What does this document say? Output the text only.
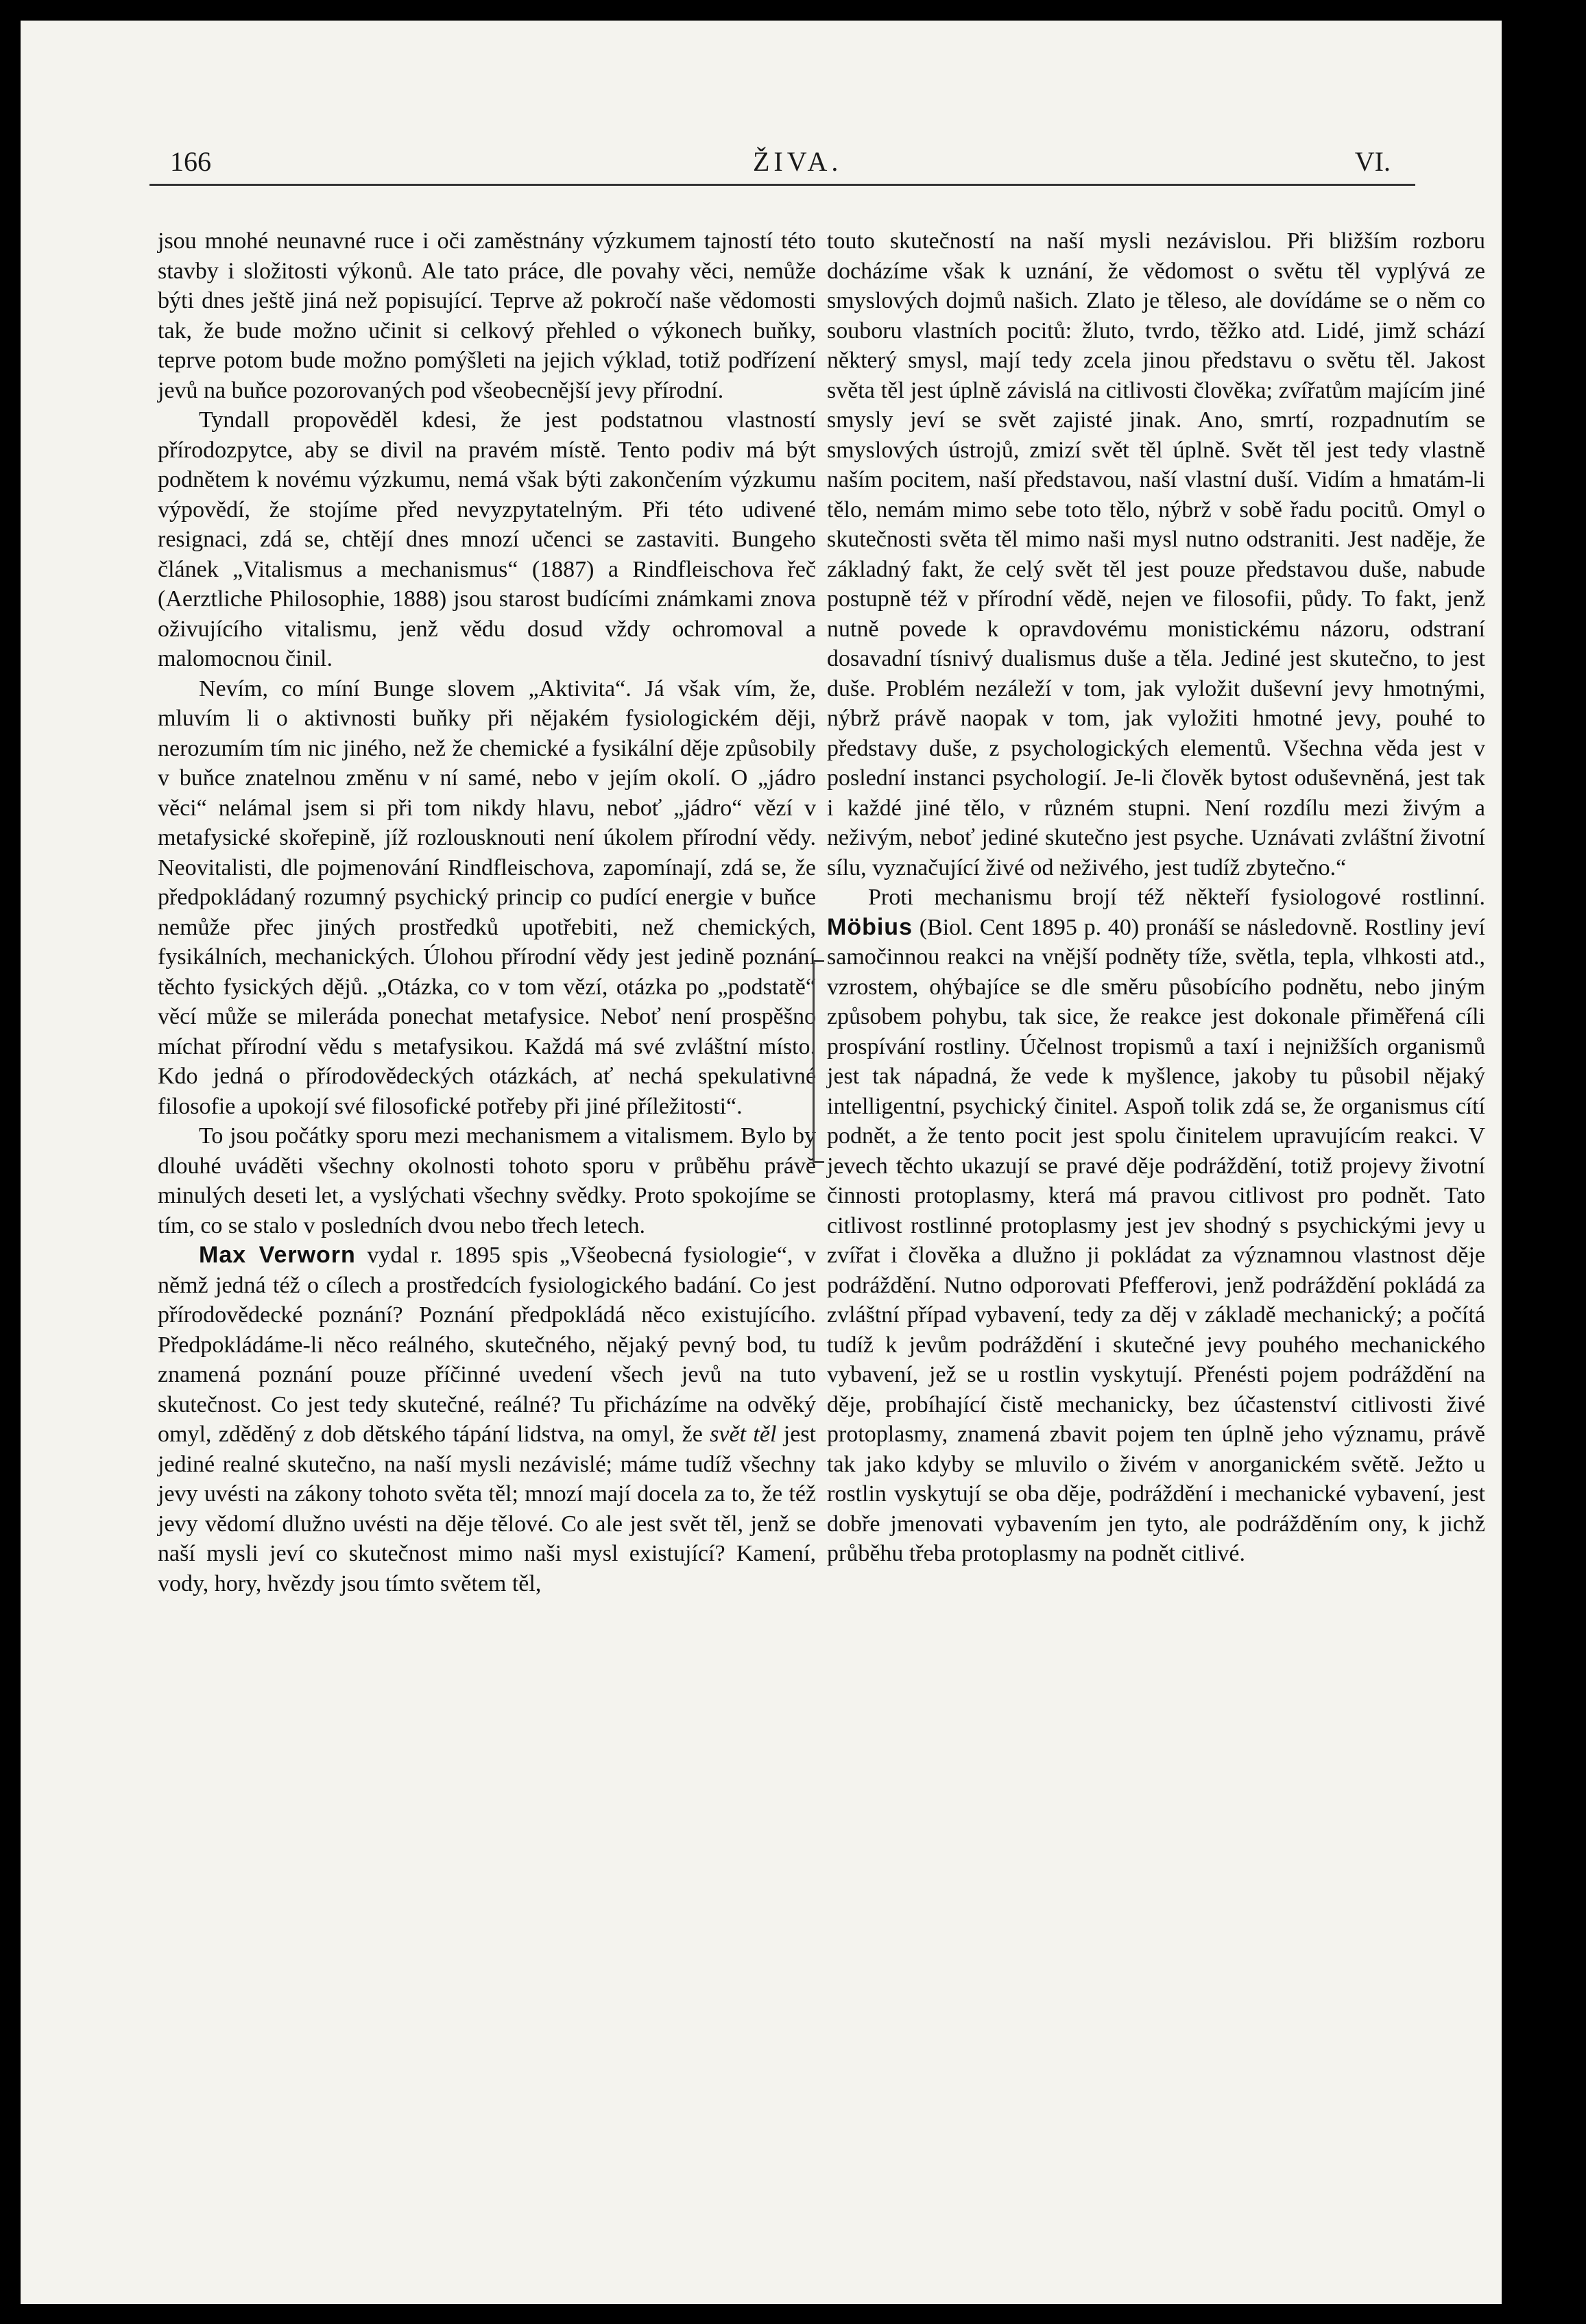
166	ŽIVA.	VI.

jsou mnohé neunavné ruce i oči zaměstnány výzkumem tajností této stavby i složitosti výkonů. Ale tato práce, dle povahy věci, nemůže býti dnes ještě jiná než popisující. Teprve až pokročí naše vědomosti tak, že bude možno učinit si celkový přehled o výkonech buňky, teprve potom bude možno pomýšleti na jejich výklad, totiž podřízení jevů na buňce pozorovaných pod všeobecnější jevy přírodní.

Tyndall propověděl kdesi, že jest podstatnou vlastností přírodozpytce, aby se divil na pravém místě. Tento podiv má být podnětem k novému výzkumu, nemá však býti zakončením výzkumu výpovědí, že stojíme před nevyzpytatelným. Při této udivené resignaci, zdá se, chtějí dnes mnozí učenci se zastaviti. Bungeho článek „Vitalismus a mechanismus“ (1887) a Rindfleischova řeč (Aerztliche Philosophie, 1888) jsou starost budícími známkami znova oživujícího vitalismu, jenž vědu dosud vždy ochromoval a malomocnou činil.

Nevím, co míní Bunge slovem „Aktivita“. Já však vím, že, mluvím li o aktivnosti buňky při nějakém fysiologickém ději, nerozumím tím nic jiného, než že chemické a fysikální děje způsobily v buňce znatelnou změnu v ní samé, nebo v jejím okolí. O „jádro věci“ nelámal jsem si při tom nikdy hlavu, neboť „jádro“ vězí v metafysické skořepině, jíž rozlousknouti není úkolem přírodní vědy. Neovitalisti, dle pojmenování Rindfleischova, zapomínají, zdá se, že předpokládaný rozumný psychický princip co pudící energie v buňce nemůže přec jiných prostředků upotřebiti, než chemických, fysikálních, mechanických. Úlohou přírodní vědy jest jedině poznání těchto fysických dějů. „Otázka, co v tom vězí, otázka po „podstatě“ věcí může se mileráda ponechat metafysice. Neboť není prospěšno míchat přírodní vědu s metafysikou. Každá má své zvláštní místo. Kdo jedná o přírodovědeckých otázkách, ať nechá spekulativné filosofie a upokojí své filosofické potřeby při jiné příležitosti“.

To jsou počátky sporu mezi mechanismem a vitalismem. Bylo by dlouhé uváděti všechny okolnosti tohoto sporu v průběhu právě minulých deseti let, a vyslýchati všechny svědky. Proto spokojíme se tím, co se stalo v posledních dvou nebo třech letech.

Max Verworn vydal r. 1895 spis „Všeobecná fysiologie“, v němž jedná též o cílech a prostředcích fysiologického badání. Co jest přírodovědecké poznání? Poznání předpokládá něco existujícího. Předpokládáme-li něco reálného, skutečného, nějaký pevný bod, tu znamená poznání pouze příčinné uvedení všech jevů na tuto skutečnost. Co jest tedy skutečné, reálné? Tu přicházíme na odvěký omyl, zděděný z dob dětského tápání lidstva, na omyl, že svět těl jest jediné realné skutečno, na naší mysli nezávislé; máme tudíž všechny jevy uvésti na zákony tohoto světa těl; mnozí mají docela za to, že též jevy vědomí dlužno uvésti na děje tělové. Co ale jest svět těl, jenž se naší mysli jeví co skutečnost mimo naši mysl existující? Kamení, vody, hory, hvězdy jsou tímto světem těl,

touto skutečností na naší mysli nezávislou. Při bližším rozboru docházíme však k uznání, že vědomost o světu těl vyplývá ze smyslových dojmů našich. Zlato je těleso, ale dovídáme se o něm co souboru vlastních pocitů: žluto, tvrdo, těžko atd. Lidé, jimž schází některý smysl, mají tedy zcela jinou představu o světu těl. Jakost světa těl jest úplně závislá na citlivosti člověka; zvířatům majícím jiné smysly jeví se svět zajisté jinak. Ano, smrtí, rozpadnutím se smyslových ústrojů, zmizí svět těl úplně. Svět těl jest tedy vlastně naším pocitem, naší představou, naší vlastní duší. Vidím a hmatám-li tělo, nemám mimo sebe toto tělo, nýbrž v sobě řadu pocitů. Omyl o skutečnosti světa těl mimo naši mysl nutno odstraniti. Jest naděje, že základný fakt, že celý svět těl jest pouze představou duše, nabude postupně též v přírodní vědě, nejen ve filosofii, půdy. To fakt, jenž nutně povede k opravdovému monistickému názoru, odstraní dosavadní tísnivý dualismus duše a těla. Jediné jest skutečno, to jest duše. Problém nezáleží v tom, jak vyložit duševní jevy hmotnými, nýbrž právě naopak v tom, jak vyložiti hmotné jevy, pouhé to představy duše, z psychologických elementů. Všechna věda jest v poslední instanci psychologií. Je-li člověk bytost oduševněná, jest tak i každé jiné tělo, v různém stupni. Není rozdílu mezi živým a neživým, neboť jediné skutečno jest psyche. Uznávati zvláštní životní sílu, vyznačující živé od neživého, jest tudíž zbytečno.“

Proti mechanismu brojí též někteří fysiologové rostlinní. Möbius (Biol. Cent 1895 p. 40) pronáší se následovně. Rostliny jeví samočinnou reakci na vnější podněty tíže, světla, tepla, vlhkosti atd., vzrostem, ohýbajíce se dle směru působícího podnětu, nebo jiným způsobem pohybu, tak sice, že reakce jest dokonale přiměřená cíli prospívání rostliny. Účelnost tropismů a taxí i nejnižších organismů jest tak nápadná, že vede k myšlence, jakoby tu působil nějaký intelligentní, psychický činitel. Aspoň tolik zdá se, že organismus cítí podnět, a že tento pocit jest spolu činitelem upravujícím reakci. V jevech těchto ukazují se pravé děje podráždění, totiž projevy životní činnosti protoplasmy, která má pravou citlivost pro podnět. Tato citlivost rostlinné protoplasmy jest jev shodný s psychickými jevy u zvířat i člověka a dlužno ji pokládat za významnou vlastnost děje podráždění. Nutno odporovati Pfefferovi, jenž podráždění pokládá za zvláštní případ vybavení, tedy za děj v základě mechanický; a počítá tudíž k jevům podráždění i skutečné jevy pouhého mechanického vybavení, jež se u rostlin vyskytují. Přenésti pojem podráždění na děje, probíhající čistě mechanicky, bez účastenství citlivosti živé protoplasmy, znamená zbavit pojem ten úplně jeho významu, právě tak jako kdyby se mluvilo o živém v anorganickém světě. Ježto u rostlin vyskytují se oba děje, podráždění i mechanické vybavení, jest dobře jmenovati vybavením jen tyto, ale podrážděním ony, k jichž průběhu třeba protoplasmy na podnět citlivé.
